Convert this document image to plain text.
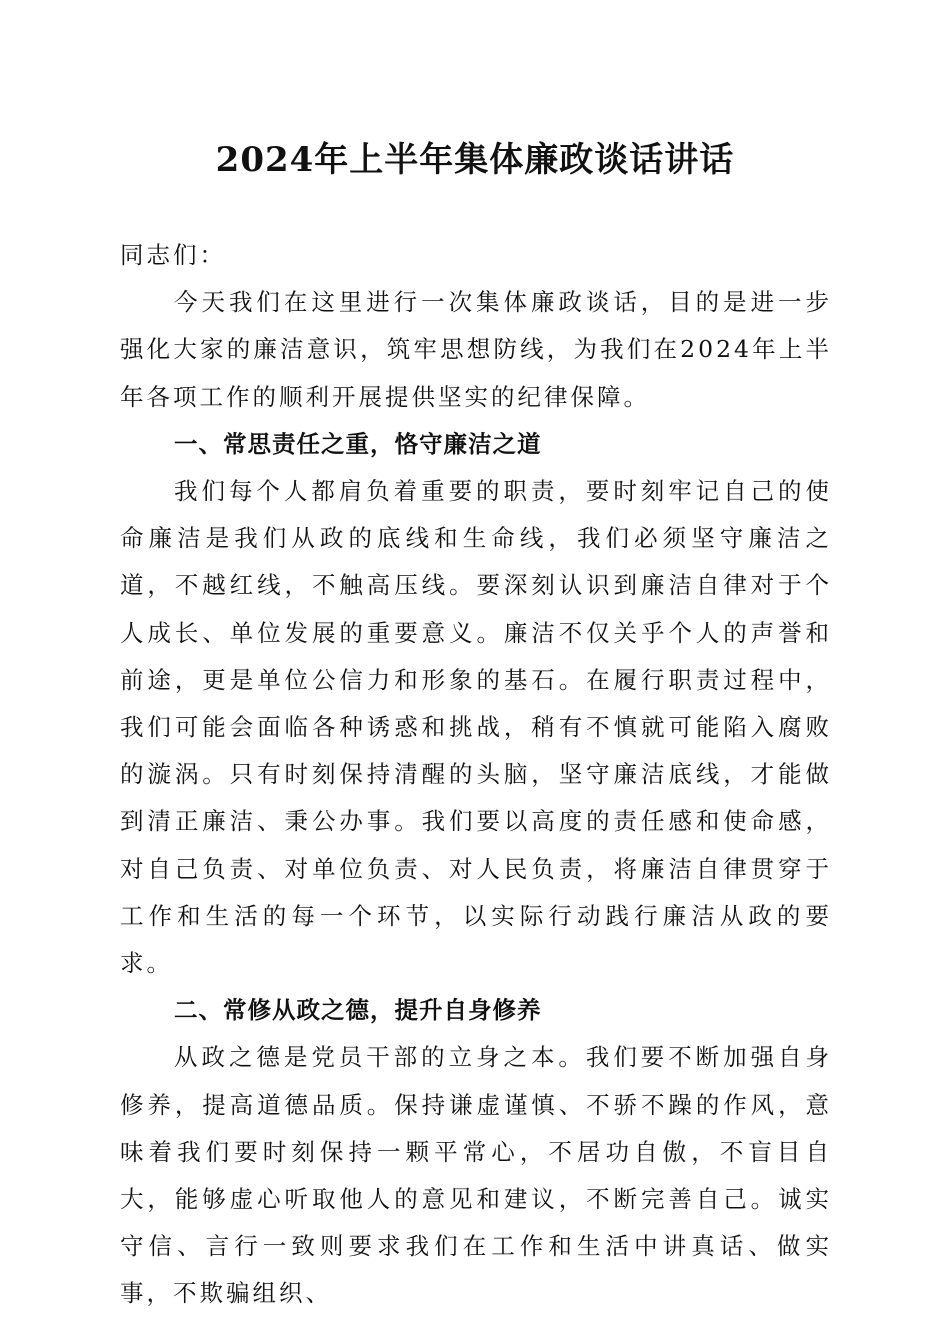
2024年上半年集体廉政谈话讲话

同志们：

今天我们在这里进行一次集体廉政谈话，目的是进一步强化大家的廉洁意识，筑牢思想防线，为我们在2024年上半年各项工作的顺利开展提供坚实的纪律保障。

一、常思责任之重，恪守廉洁之道

我们每个人都肩负着重要的职责，要时刻牢记自己的使命廉洁是我们从政的底线和生命线，我们必须坚守廉洁之道，不越红线，不触高压线。要深刻认识到廉洁自律对于个人成长、单位发展的重要意义。廉洁不仅关乎个人的声誉和前途，更是单位公信力和形象的基石。在履行职责过程中，我们可能会面临各种诱惑和挑战，稍有不慎就可能陷入腐败的漩涡。只有时刻保持清醒的头脑，坚守廉洁底线，才能做到清正廉洁、秉公办事。我们要以高度的责任感和使命感，对自己负责、对单位负责、对人民负责，将廉洁自律贯穿于工作和生活的每一个环节，以实际行动践行廉洁从政的要求。

二、常修从政之德，提升自身修养

从政之德是党员干部的立身之本。我们要不断加强自身修养，提高道德品质。保持谦虚谨慎、不骄不躁的作风，意味着我们要时刻保持一颗平常心，不居功自傲，不盲目自大，能够虚心听取他人的意见和建议，不断完善自己。诚实守信、言行一致则要求我们在工作和生活中讲真话、做实事，不欺骗组织、
